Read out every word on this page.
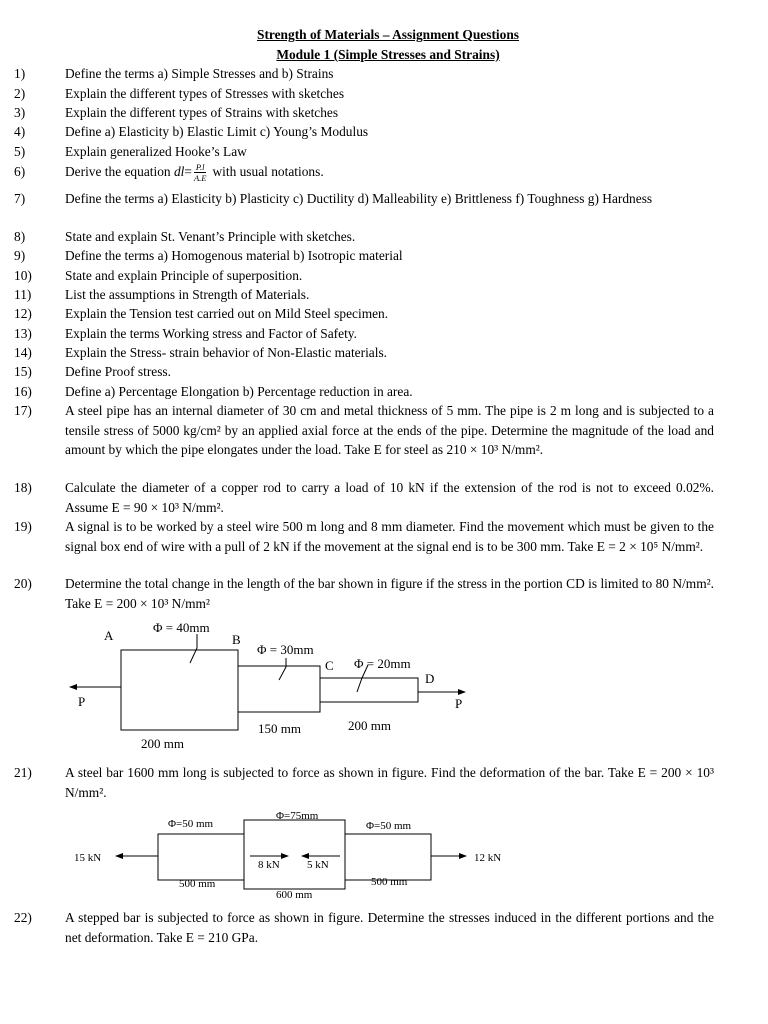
Strength of Materials – Assignment Questions
Module 1 (Simple Stresses and Strains)
1)	Define the terms a) Simple Stresses and b) Strains
2)	Explain the different types of Stresses with sketches
3)	Explain the different types of Strains with sketches
4)	Define a) Elasticity b) Elastic Limit c) Young’s Modulus
5)	Explain generalized Hooke’s Law
6)	Derive the equation $dl= \frac{P.l}{A.E}$ with usual notations.
7)	Define the terms a) Elasticity b) Plasticity c) Ductility d) Malleability e) Brittleness f) Toughness g) Hardness
8)	State and explain St. Venant’s Principle with sketches.
9)	Define the terms a) Homogenous material b) Isotropic material
10)	State and explain Principle of superposition.
11)	List the assumptions in Strength of Materials.
12)	Explain the Tension test carried out on Mild Steel specimen.
13)	Explain the terms Working stress and Factor of Safety.
14)	Explain the Stress- strain behavior of Non-Elastic materials.
15)	Define Proof stress.
16)	Define a) Percentage Elongation b) Percentage reduction in area.
17)	A steel pipe has an internal diameter of 30 cm and metal thickness of 5 mm. The pipe is 2 m long and is subjected to a tensile stress of 5000 kg/cm² by an applied axial force at the ends of the pipe. Determine the magnitude of the load and amount by which the pipe elongates under the load. Take E for steel as 210 × 10³ N/mm².
18)	Calculate the diameter of a copper rod to carry a load of 10 kN if the extension of the rod is not to exceed 0.02%. Assume E = 90 × 10³ N/mm².
19)	A signal is to be worked by a steel wire 500 m long and 8 mm diameter. Find the movement which must be given to the signal box end of wire with a pull of 2 kN if the movement at the signal end is to be 300 mm. Take E = 2 × 10⁵ N/mm².
20)	Determine the total change in the length of the bar shown in figure if the stress in the portion CD is limited to 80 N/mm². Take E = 200 × 10³ N/mm²
Φ = 40mm
Φ = 30mm
Φ = 20mm
A	B
C
D
P	P
200 mm
150 mm	200 mm
21)	A steel bar 1600 mm long is subjected to force as shown in figure. Find the deformation of the bar. Take E = 200 × 10³ N/mm².
Φ=50 mm
Φ=75mm
Φ=50 mm
15 kN
8 kN 5 kN
12 kN
500 mm
600 mm
500 mm
22)	A stepped bar is subjected to force as shown in figure. Determine the stresses induced in the different portions and the net deformation. Take E = 210 GPa.
